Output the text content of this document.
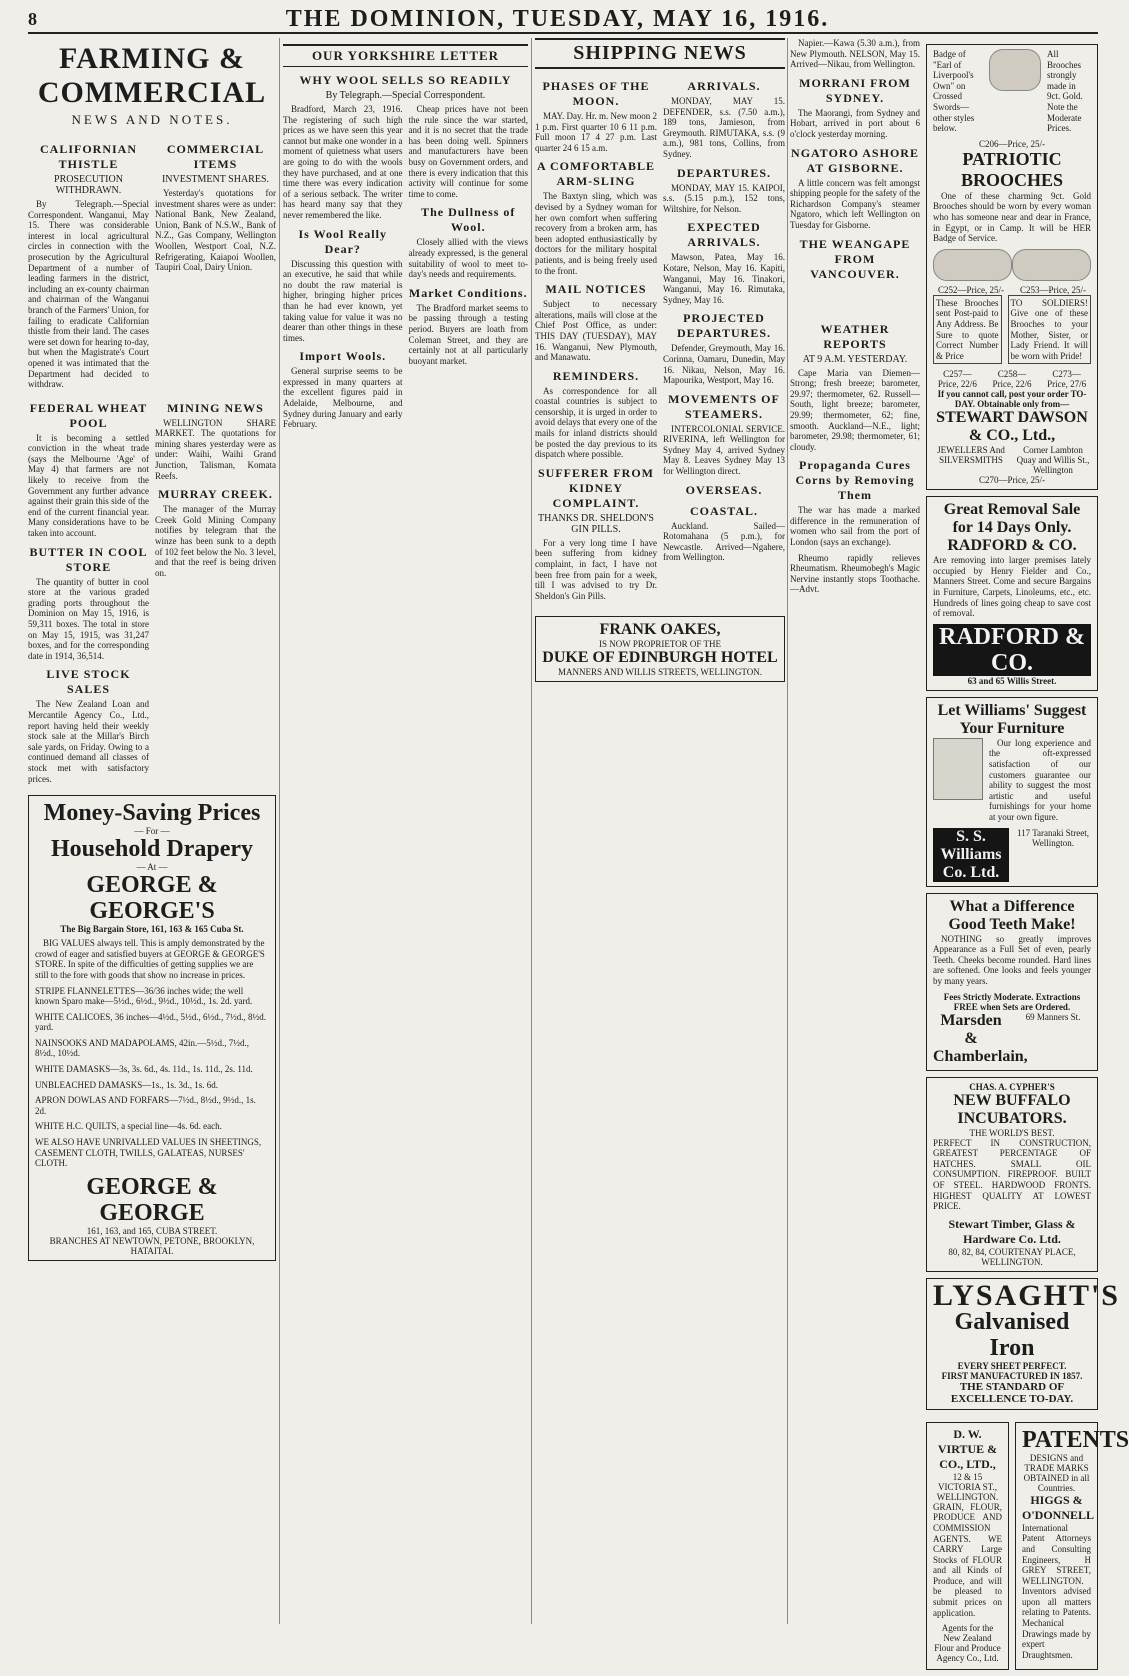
8	THE DOMINION, TUESDAY, MAY 16, 1916.
FARMING & COMMERCIAL
NEWS AND NOTES.
CALIFORNIAN THISTLE
PROSECUTION WITHDRAWN.

By Telegraph.—Special Correspondent. Wanganui, May 15. There was considerable interest in local agricultural circles in connection with the prosecution by the Agricultural Department of a number of leading farmers in the district, including an ex-county chairman and chairman of the Wanganui branch of the Farmers' Union, for failing to eradicate Californian thistle from their land. The cases were set down for hearing to-day, but when the Magistrate's Court opened it was intimated that the Department had decided to withdraw.

COMMERCIAL ITEMS
INVESTMENT SHARES.

Yesterday's quotations for investment shares were as under: National Bank, New Zealand, Union, Bank of N.S.W., Bank of N.Z., Gas Company, Wellington Woollen, Westport Coal, N.Z. Refrigerating, Kaiapoi Woollen, Taupiri Coal, Dairy Union.

FEDERAL WHEAT POOL

It is becoming a settled conviction in the wheat trade (says the Melbourne 'Age' of May 4) that farmers are not likely to receive from the Government any further advance against their grain this side of the end of the current financial year. Many considerations have to be taken into account.

BUTTER IN COOL STORE

The quantity of butter in cool store at the various graded grading ports throughout the Dominion on May 15, 1916, is 59,311 boxes. The total in store on May 15, 1915, was 31,247 boxes, and for the corresponding date in 1914, 36,514.

LIVE STOCK SALES

The New Zealand Loan and Mercantile Agency Co., Ltd., report having held their weekly stock sale at the Millar's Birch sale yards, on Friday. Owing to a continued demand all classes of stock met with satisfactory prices.

MINING NEWS

WELLINGTON SHARE MARKET. The quotations for mining shares yesterday were as under: Waihi, Waihi Grand Junction, Talisman, Komata Reefs.

MURRAY CREEK.

The manager of the Murray Creek Gold Mining Company notifies by telegram that the winze has been sunk to a depth of 102 feet below the No. 3 level, and that the reef is being driven on.

Money-Saving Prices
— For —
Household Drapery
— At —
GEORGE & GEORGE'S
The Big Bargain Store, 161, 163 & 165 Cuba St.

BIG VALUES always tell. This is amply demonstrated by the crowd of eager and satisfied buyers at GEORGE & GEORGE'S STORE. In spite of the difficulties of getting supplies we are still to the fore with goods that show no increase in prices.

STRIPE FLANNELETTES—36/36 inches wide; the well known Sparo make—5½d., 6½d., 9½d., 10½d., 1s. 2d. yard.

WHITE CALICOES, 36 inches—4½d., 5½d., 6½d., 7½d., 8½d. yard.

NAINSOOKS AND MADAPOLAMS, 42in.—5½d., 7½d., 8½d., 10½d.

WHITE DAMASKS—3s, 3s. 6d., 4s. 11d., 1s. 11d., 2s. 11d.

UNBLEACHED DAMASKS—1s., 1s. 3d., 1s. 6d.

APRON DOWLAS AND FORFARS—7½d., 8½d., 9½d., 1s. 2d.

WHITE H.C. QUILTS, a special line—4s. 6d. each.

WE ALSO HAVE UNRIVALLED VALUES IN SHEETINGS, CASEMENT CLOTH, TWILLS, GALATEAS, NURSES' CLOTH.

GEORGE & GEORGE
161, 163, and 165, CUBA STREET.
BRANCHES AT NEWTOWN, PETONE, BROOKLYN, HATAITAI.
OUR YORKSHIRE LETTER
WHY WOOL SELLS SO READILY
By Telegraph.—Special Correspondent.

Bradford, March 23, 1916. The registering of such high prices as we have seen this year cannot but make one wonder in a moment of quietness what users are going to do with the wools they have purchased, and at one time there was every indication of a serious setback. The writer has heard many say that they never remembered the like.

Is Wool Really Dear?

Discussing this question with an executive, he said that while no doubt the raw material is higher, bringing higher prices than he had ever known, yet taking value for value it was no dearer than other things in these times.

Import Wools.

General surprise seems to be expressed in many quarters at the excellent figures paid in Adelaide, Melbourne, and Sydney during January and early February.

Cheap prices have not been the rule since the war started, and it is no secret that the trade has been doing well. Spinners and manufacturers have been busy on Government orders, and there is every indication that this activity will continue for some time to come.

The Dullness of Wool.

Closely allied with the views already expressed, is the general suitability of wool to meet to-day's needs and requirements.

Market Conditions.

The Bradford market seems to be passing through a testing period. Buyers are loath from Coleman Street, and they are certainly not at all particularly buoyant market.

SHIPPING NEWS
PHASES OF THE MOON.

MAY. Day. Hr. m. New moon 2 1 p.m. First quarter 10 6 11 p.m. Full moon 17 4 27 p.m. Last quarter 24 6 15 a.m.

A COMFORTABLE ARM-SLING

The Baxtyn sling, which was devised by a Sydney woman for her own comfort when suffering recovery from a broken arm, has been adopted enthusiastically by doctors for the military hospital patients, and is being freely used to the front.

MAIL NOTICES

Subject to necessary alterations, mails will close at the Chief Post Office, as under: THIS DAY (TUESDAY), MAY 16. Wanganui, New Plymouth, and Manawatu.

REMINDERS.

As correspondence for all coastal countries is subject to censorship, it is urged in order to avoid delays that every one of the mails for inland districts should be posted the day previous to its dispatch where possible.

SUFFERER FROM KIDNEY COMPLAINT.
THANKS DR. SHELDON'S GIN PILLS.

For a very long time I have been suffering from kidney complaint, in fact, I have not been free from pain for a week, till I was advised to try Dr. Sheldon's Gin Pills.

ARRIVALS.

MONDAY, MAY 15. DEFENDER, s.s. (7.50 a.m.), 189 tons, Jamieson, from Greymouth. RIMUTAKA, s.s. (9 a.m.), 981 tons, Collins, from Sydney.

DEPARTURES.

MONDAY, MAY 15. KAIPOI, s.s. (5.15 p.m.), 152 tons, Wiltshire, for Nelson.

EXPECTED ARRIVALS.

Mawson, Patea, May 16. Kotare, Nelson, May 16. Kapiti, Wanganui, May 16. Tinakori, Wanganui, May 16. Rimutaka, Sydney, May 16.

PROJECTED DEPARTURES.

Defender, Greymouth, May 16. Corinna, Oamaru, Dunedin, May 16. Nikau, Nelson, May 16. Mapourika, Westport, May 16.

MOVEMENTS OF STEAMERS.

INTERCOLONIAL SERVICE. RIVERINA, left Wellington for Sydney May 4, arrived Sydney May 8. Leaves Sydney May 13 for Wellington direct.

OVERSEAS.
COASTAL.

Auckland. Sailed—Rotomahana (5 p.m.), for Newcastle. Arrived—Ngahere, from Wellington.

FRANK OAKES,
IS NOW PROPRIETOR OF THE
DUKE OF EDINBURGH HOTEL
MANNERS AND WILLIS STREETS, WELLINGTON.

Napier.—Kawa (5.30 a.m.), from New Plymouth. NELSON, May 15. Arrived—Nikau, from Wellington.

MORRANI FROM SYDNEY.

The Maorangi, from Sydney and Hobart, arrived in port about 6 o'clock yesterday morning.

NGATORO ASHORE AT GISBORNE.

A little concern was felt amongst shipping people for the safety of the Richardson Company's steamer Ngatoro, which left Wellington on Tuesday for Gisborne.

THE WEANGAPE FROM VANCOUVER.
WEATHER REPORTS
AT 9 A.M. YESTERDAY.

Cape Maria van Diemen—Strong; fresh breeze; barometer, 29.97; thermometer, 62. Russell—South, light breeze; barometer, 29.99; thermometer, 62; fine, smooth. Auckland—N.E., light; barometer, 29.98; thermometer, 61; cloudy.

Propaganda Cures Corns by Removing Them

The war has made a marked difference in the remuneration of women who sail from the port of London (says an exchange).

Rheumo rapidly relieves Rheumatism. Rheumobegh's Magic Nervine instantly stops Toothache.—Advt.

Badge of "Earl of Liverpool's Own" on Crossed Swords—other styles below.

All Brooches strongly made in 9ct. Gold. Note the Moderate Prices.

C206—Price, 25/-
PATRIOTIC BROOCHES

One of these charming 9ct. Gold Brooches should be worn by every woman who has someone near and dear in France, in Egypt, or in Camp. It will be HER Badge of Service.

C252—Price, 25/-	C253—Price, 25/-

These Brooches sent Post-paid to Any Address. Be Sure to quote Correct Number & Price

TO SOLDIERS! Give one of these Brooches to your Mother, Sister, or Lady Friend. It will be worn with Pride!

C257—Price, 22/6
C258—Price, 22/6
C273—Price, 27/6
If you cannot call, post your order TO-DAY. Obtainable only from—
STEWART DAWSON & CO., Ltd.,
JEWELLERS And SILVERSMITHS
Corner Lambton Quay and Willis St., Wellington
C270—Price, 25/-
Great Removal Sale for 14 Days Only.
RADFORD & CO.

Are removing into larger premises lately occupied by Henry Fielder and Co., Manners Street. Come and secure Bargains in Furniture, Carpets, Linoleums, etc., etc. Hundreds of lines going cheap to save cost of removal.

RADFORD & CO.
63 and 65 Willis Street.
Let Williams' Suggest Your Furniture

Our long experience and the oft-expressed satisfaction of our customers guarantee our ability to suggest the most artistic and useful furnishings for your home at your own figure.

S. S. Williams Co. Ltd.
117 Taranaki Street, Wellington.
What a Difference Good Teeth Make!

NOTHING so greatly improves Appearance as a Full Set of even, pearly Teeth. Cheeks become rounded. Hard lines are softened. One looks and feels younger by many years.

Fees Strictly Moderate. Extractions FREE when Sets are Ordered.
Marsden & Chamberlain,
69 Manners St.
CHAS. A. CYPHER'S
NEW BUFFALO INCUBATORS.
THE WORLD'S BEST.

PERFECT IN CONSTRUCTION, GREATEST PERCENTAGE OF HATCHES. SMALL OIL CONSUMPTION. FIREPROOF. BUILT OF STEEL. HARDWOOD FRONTS. HIGHEST QUALITY AT LOWEST PRICE.

Stewart Timber, Glass & Hardware Co. Ltd.
80, 82, 84, COURTENAY PLACE, WELLINGTON.
LYSAGHT'S
Galvanised Iron
EVERY SHEET PERFECT.
FIRST MANUFACTURED IN 1857.
THE STANDARD OF EXCELLENCE TO-DAY.
D. W. VIRTUE & CO., LTD.,
12 & 15 VICTORIA ST., WELLINGTON.

GRAIN, FLOUR, PRODUCE AND COMMISSION AGENTS. WE CARRY Large Stocks of FLOUR and all Kinds of Produce, and will be pleased to submit prices on application.

Agents for the New Zealand Flour and Produce Agency Co., Ltd.
PATENTS
DESIGNS and TRADE MARKS OBTAINED in all Countries.
HIGGS & O'DONNELL

International Patent Attorneys and Consulting Engineers, H GREY STREET, WELLINGTON. Inventors advised upon all matters relating to Patents. Mechanical Drawings made by expert Draughtsmen.
